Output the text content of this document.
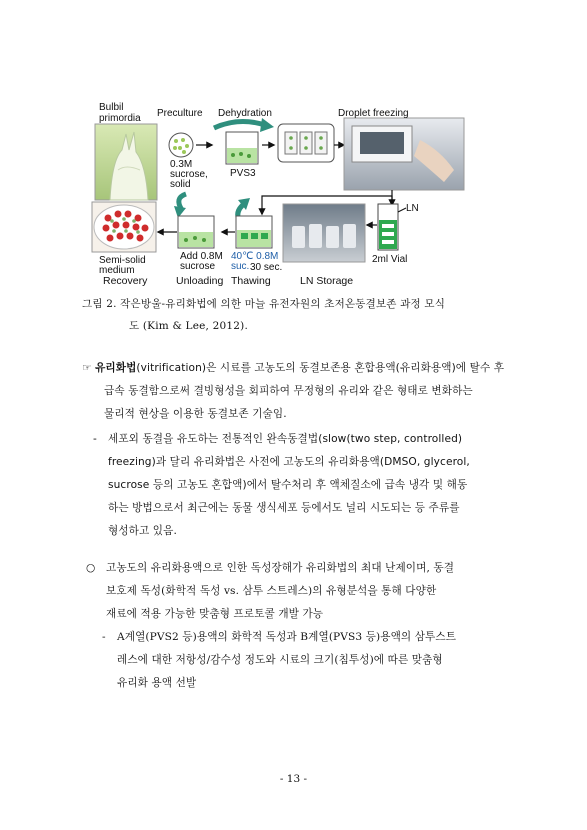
Bulbil
primordia Preculture Dehydration	Droplet freezing
0.3M
sucrose,
solid
PVS3
LN
2ml Vial
Semi-solid
medium
Add 0.8M
sucrose
40℃ 0.8M
suc. 30 sec.
Recovery	Unloading Thawing	LN Storage
그림 2. 작은방울-유리화법에 의한 마늘 유전자원의 초저온동결보존 과정 모식
도 (Kim & Lee, 2012).
☞ 유리화법(vitrification)은 시료를 고농도의 동결보존용 혼합용액(유리화용액)에 탈수 후
급속 동결함으로써 결빙형성을 회피하여 무정형의 유리와 같은 형태로 변화하는
물리적 현상을 이용한 동결보존 기술임.
- 세포외 동결을 유도하는 전통적인 완속동결법(slow(two step, controlled)
freezing)과 달리 유리화법은 사전에 고농도의 유리화용액(DMSO, glycerol,
sucrose 등의 고농도 혼합액)에서 탈수처리 후 액체질소에 급속 냉각 및 해동
하는 방법으로서 최근에는 동물 생식세포 등에서도 널리 시도되는 등 주류를
형성하고 있음.
○ 고농도의 유리화용액으로 인한 독성장해가 유리화법의 최대 난제이며, 동결
보호제 독성(화학적 독성 vs. 삼투 스트레스)의 유형분석을 통해 다양한
재료에 적용 가능한 맞춤형 프로토콜 개발 가능
- A계열(PVS2 등)용액의 화학적 독성과 B계열(PVS3 등)용액의 삼투스트
레스에 대한 저항성/감수성 정도와 시료의 크기(침투성)에 따른 맞춤형
유리화 용액 선발
- 13 -
